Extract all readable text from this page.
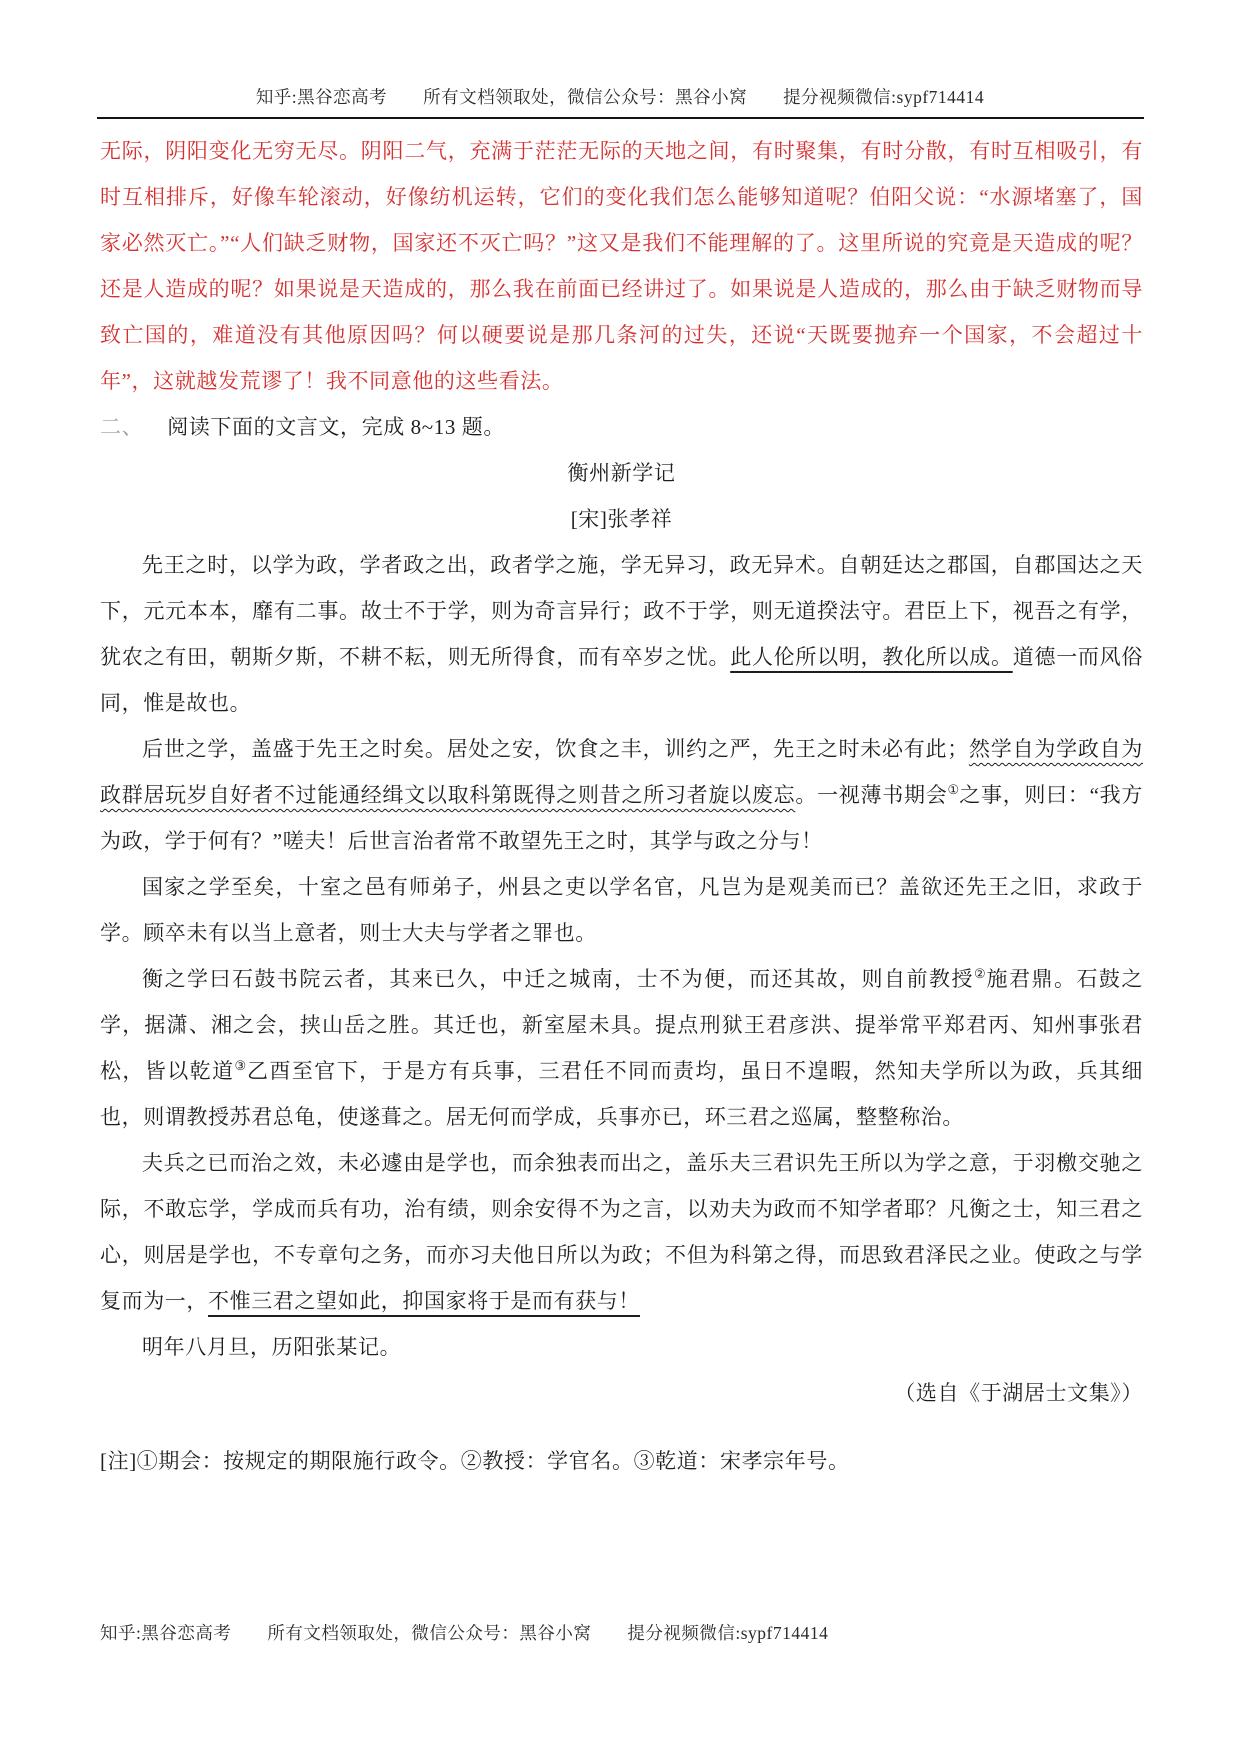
知乎:黑谷恋高考　　所有文档领取处，微信公众号：黑谷小窝　　提分视频微信:sypf714414

无际，阴阳变化无穷无尽。阴阳二气，充满于茫茫无际的天地之间，有时聚集，有时分散，有时互相吸引，有时互相排斥，好像车轮滚动，好像纺机运转，它们的变化我们怎么能够知道呢？伯阳父说：“水源堵塞了，国家必然灭亡。”“人们缺乏财物，国家还不灭亡吗？”这又是我们不能理解的了。这里所说的究竟是天造成的呢？还是人造成的呢？如果说是天造成的，那么我在前面已经讲过了。如果说是人造成的，那么由于缺乏财物而导致亡国的，难道没有其他原因吗？何以硬要说是那几条河的过失，还说“天既要抛弃一个国家，不会超过十年”，这就越发荒谬了！我不同意他的这些看法。

二、 阅读下面的文言文，完成 8~13 题。

衡州新学记

[宋]张孝祥

先王之时，以学为政，学者政之出，政者学之施，学无异习，政无异术。自朝廷达之郡国，自郡国达之天下，元元本本，靡有二事。故士不于学，则为奇言异行；政不于学，则无道揆法守。君臣上下，视吾之有学，犹农之有田，朝斯夕斯，不耕不耘，则无所得食，而有卒岁之忧。此人伦所以明，教化所以成。道德一而风俗同，惟是故也。

后世之学，盖盛于先王之时矣。居处之安，饮食之丰，训约之严，先王之时未必有此；然学自为学政自为政群居玩岁自好者不过能通经缉文以取科第既得之则昔之所习者旋以废忘。一视薄书期会①之事，则曰：“我方为政，学于何有？”嗟夫！后世言治者常不敢望先王之时，其学与政之分与！

国家之学至矣，十室之邑有师弟子，州县之吏以学名官，凡岂为是观美而已？盖欲还先王之旧，求政于学。顾卒未有以当上意者，则士大夫与学者之罪也。

衡之学曰石鼓书院云者，其来已久，中迁之城南，士不为便，而还其故，则自前教授②施君鼎。石鼓之学，据潇、湘之会，挟山岳之胜。其迁也，新室屋未具。提点刑狱王君彦洪、提举常平郑君丙、知州事张君松，皆以乾道③乙酉至官下，于是方有兵事，三君任不同而责均，虽日不遑暇，然知夫学所以为政，兵其细也，则谓教授苏君总龟，使遂葺之。居无何而学成，兵事亦已，环三君之巡属，整整称治。

夫兵之已而治之效，未必遽由是学也，而余独表而出之，盖乐夫三君识先王所以为学之意，于羽檄交驰之际，不敢忘学，学成而兵有功，治有绩，则余安得不为之言，以劝夫为政而不知学者耶？凡衡之士，知三君之心，则居是学也，不专章句之务，而亦习夫他日所以为政；不但为科第之得，而思致君泽民之业。使政之与学复而为一，不惟三君之望如此，抑国家将于是而有获与！

明年八月旦，历阳张某记。

（选自《于湖居士文集》）

[注]①期会：按规定的期限施行政令。②教授：学官名。③乾道：宋孝宗年号。

知乎:黑谷恋高考　　所有文档领取处，微信公众号：黑谷小窝　　提分视频微信:sypf714414
